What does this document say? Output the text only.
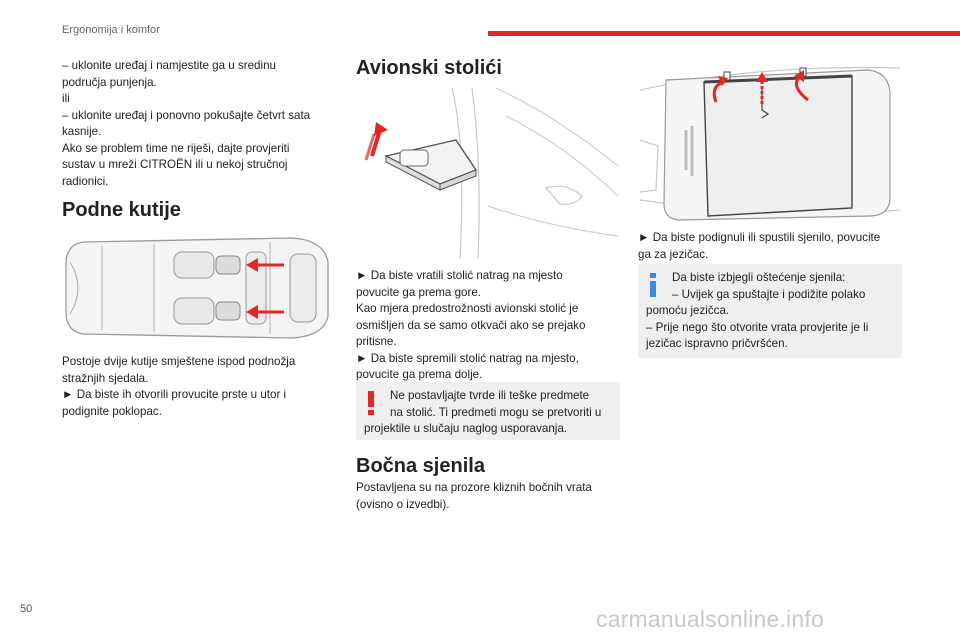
Ergonomija i komfor

– uklonite uređaj i namjestite ga u sredinu

područja punjenja.

ili

– uklonite uređaj i ponovno pokušajte četvrt sata

kasnije.

Ako se problem time ne riješi, dajte provjeriti

sustav u mreži CITROËN ili u nekoj stručnoj

radionici.

Podne kutije

Postoje dvije kutije smještene ispod podnožja

stražnjih sjedala.

► Da biste ih otvorili provucite prste u utor i

podignite poklopac.

Avionski stolići

► Da biste vratili stolić natrag na mjesto

povucite ga prema gore.

Kao mjera predostrožnosti avionski stolić je

osmišljen da se samo otkvači ako se prejako

pritisne.

► Da biste spremili stolić natrag na mjesto,

povucite ga prema dolje.

Ne postavljajte tvrde ili teške predmete
na stolić. Ti predmeti mogu se pretvoriti u
projektile u slučaju naglog usporavanja.
Bočna sjenila

Postavljena su na prozore kliznih bočnih vrata

(ovisno o izvedbi).

► Da biste podignuli ili spustili sjenilo, povucite

ga za jezičac.

Da biste izbjegli oštećenje sjenila:
– Uvijek ga spuštajte i podižite polako
pomoću jezičca.
– Prije nego što otvorite vrata provjerite je li
jezičac ispravno pričvršćen.
50	carmanualsonline.info
